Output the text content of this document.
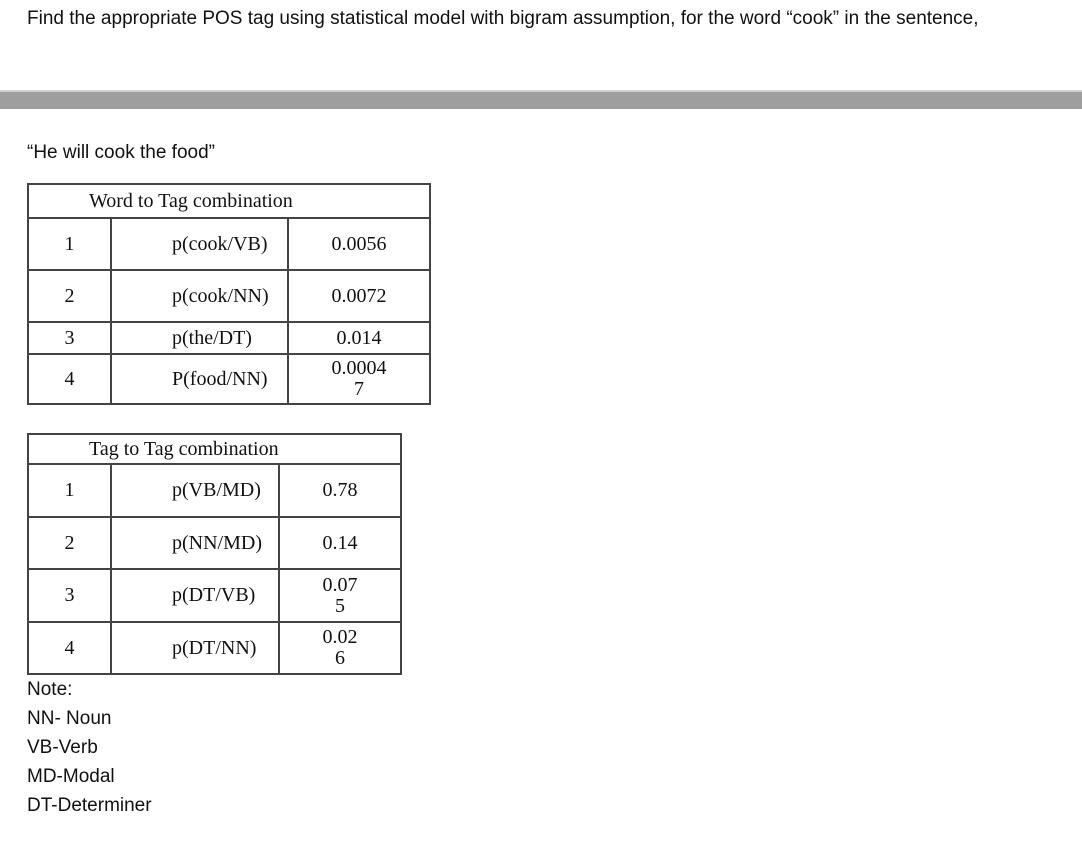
Find the appropriate POS tag using statistical model with bigram assumption, for the word “cook” in the sentence,
“He will cook the food”
Word to Tag combination		
1	p(cook/VB)	0.0056
2	p(cook/NN)	0.0072
3	p(the/DT)	0.014
4	P(food/NN)	0.00047
Tag to Tag combination		
1	p(VB/MD)	0.78
2	p(NN/MD)	0.14
3	p(DT/VB)	0.075
4	p(DT/NN)	0.026
Note:
NN- Noun
VB-Verb
MD-Modal
DT-Determiner
